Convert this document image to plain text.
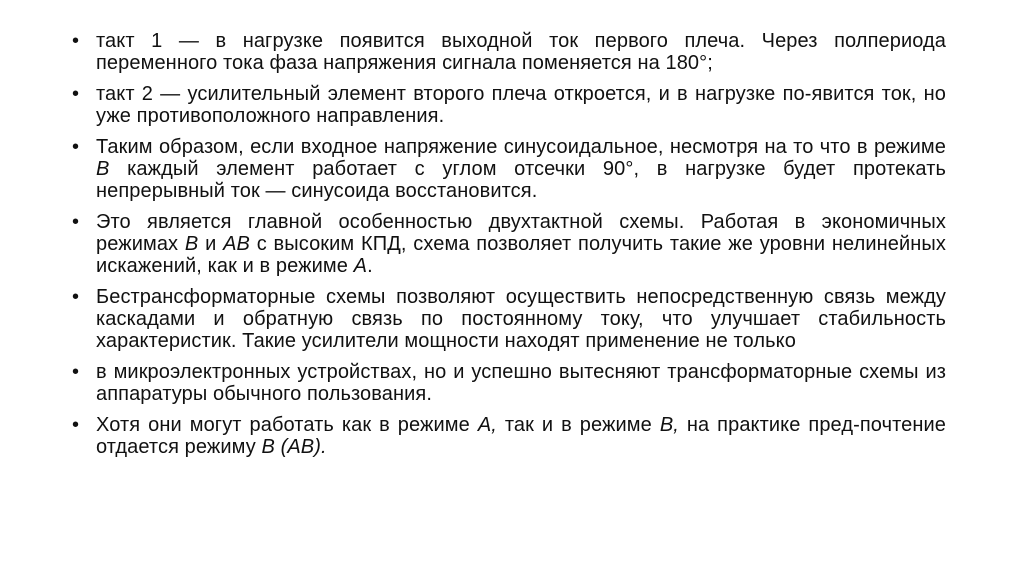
• такт 1 — в нагрузке появится выходной ток первого плеча. Через полпериода переменного тока фаза напряжения сигнала поменяется на 180°;
• такт 2 — усилительный элемент второго плеча откроется, и в нагрузке по-явится ток, но уже противоположного направления.
• Таким образом, если входное напряжение синусоидальное, несмотря на то что в режиме B каждый элемент работает с углом отсечки 90°, в нагрузке будет протекать непрерывный ток — синусоида восстановится.
• Это является главной особенностью двухтактной схемы. Работая в экономичных режимах B и AB с высоким КПД, схема позволяет получить такие же уровни нелинейных искажений, как и в режиме A.
• Бестрансформаторные схемы позволяют осуществить непосредственную связь между каскадами и обратную связь по постоянному току, что улучшает стабильность характеристик. Такие усилители мощности находят применение не только
• в микроэлектронных устройствах, но и успешно вытесняют трансформаторные схемы из аппаратуры обычного пользования.
• Хотя они могут работать как в режиме A, так и в режиме B, на практике пред-почтение отдается режиму B (AB).
